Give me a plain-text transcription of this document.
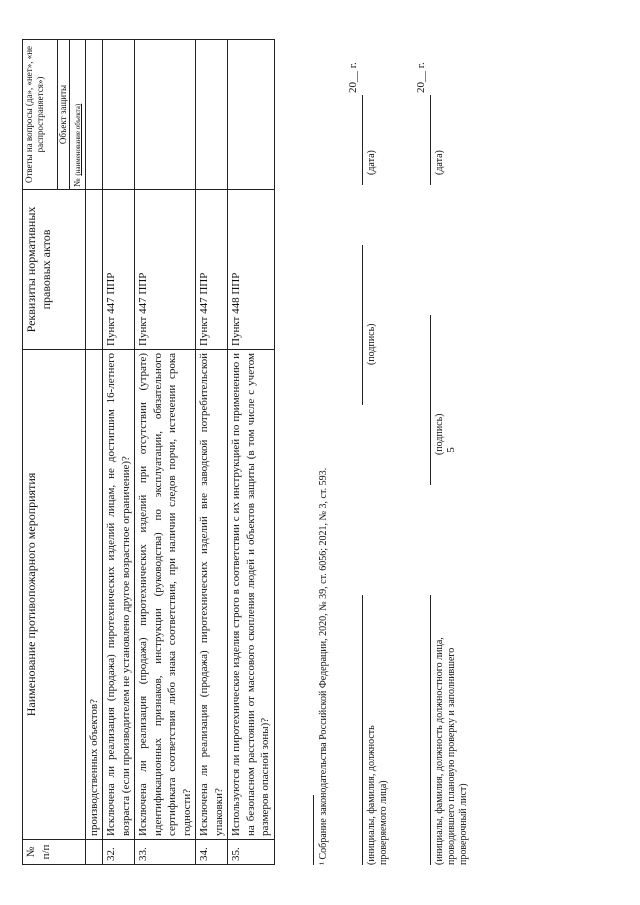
5
№ п/п	Наименование противопожарного мероприятия	Реквизиты нормативных правовых актов	Ответы на вопросы (да», «нет», «не распространяется»)
			Объект защиты
			№ (наименование объекта)
	производственных объектов?		
32.	Исключена ли реализация (продажа) пиротехнических изделий лицам, не достигшим 16-летнего возраста (если производителем не установлено другое возрастное ограничение)?	Пункт 447 ППР	
33.	Исключена ли реализация (продажа) пиротехнических изделий при отсутствии (утрате) идентификационных признаков, инструкции (руководства) по эксплуатации, обязательного сертификата соответствия либо знака соответствия, при наличии следов порчи, истечении срока годности?	Пункт 447 ППР	
34.	Исключена ли реализация (продажа) пиротехнических изделий вне заводской потребительской упаковки?	Пункт 447 ППР	
35.	Используются ли пиротехнические изделия строго в соответствии с их инструкцией по применению и на безопасном расстоянии от массового скопления людей и объектов защиты (в том числе с учетом размеров опасной зоны)?	Пункт 448 ППР	
¹ Собрание законодательства Российской Федерации, 2020, № 39, ст. 6056; 2021, № 3, ст. 593.	(инициалы, фамилия, должность проверяемого лица)
(подпись)
(дата)
20__ г.
(инициалы, фамилия, должность должностного лица, проводившего плановую проверку и заполнившего проверочный лист)
(подпись)
(дата)
20__ г.
